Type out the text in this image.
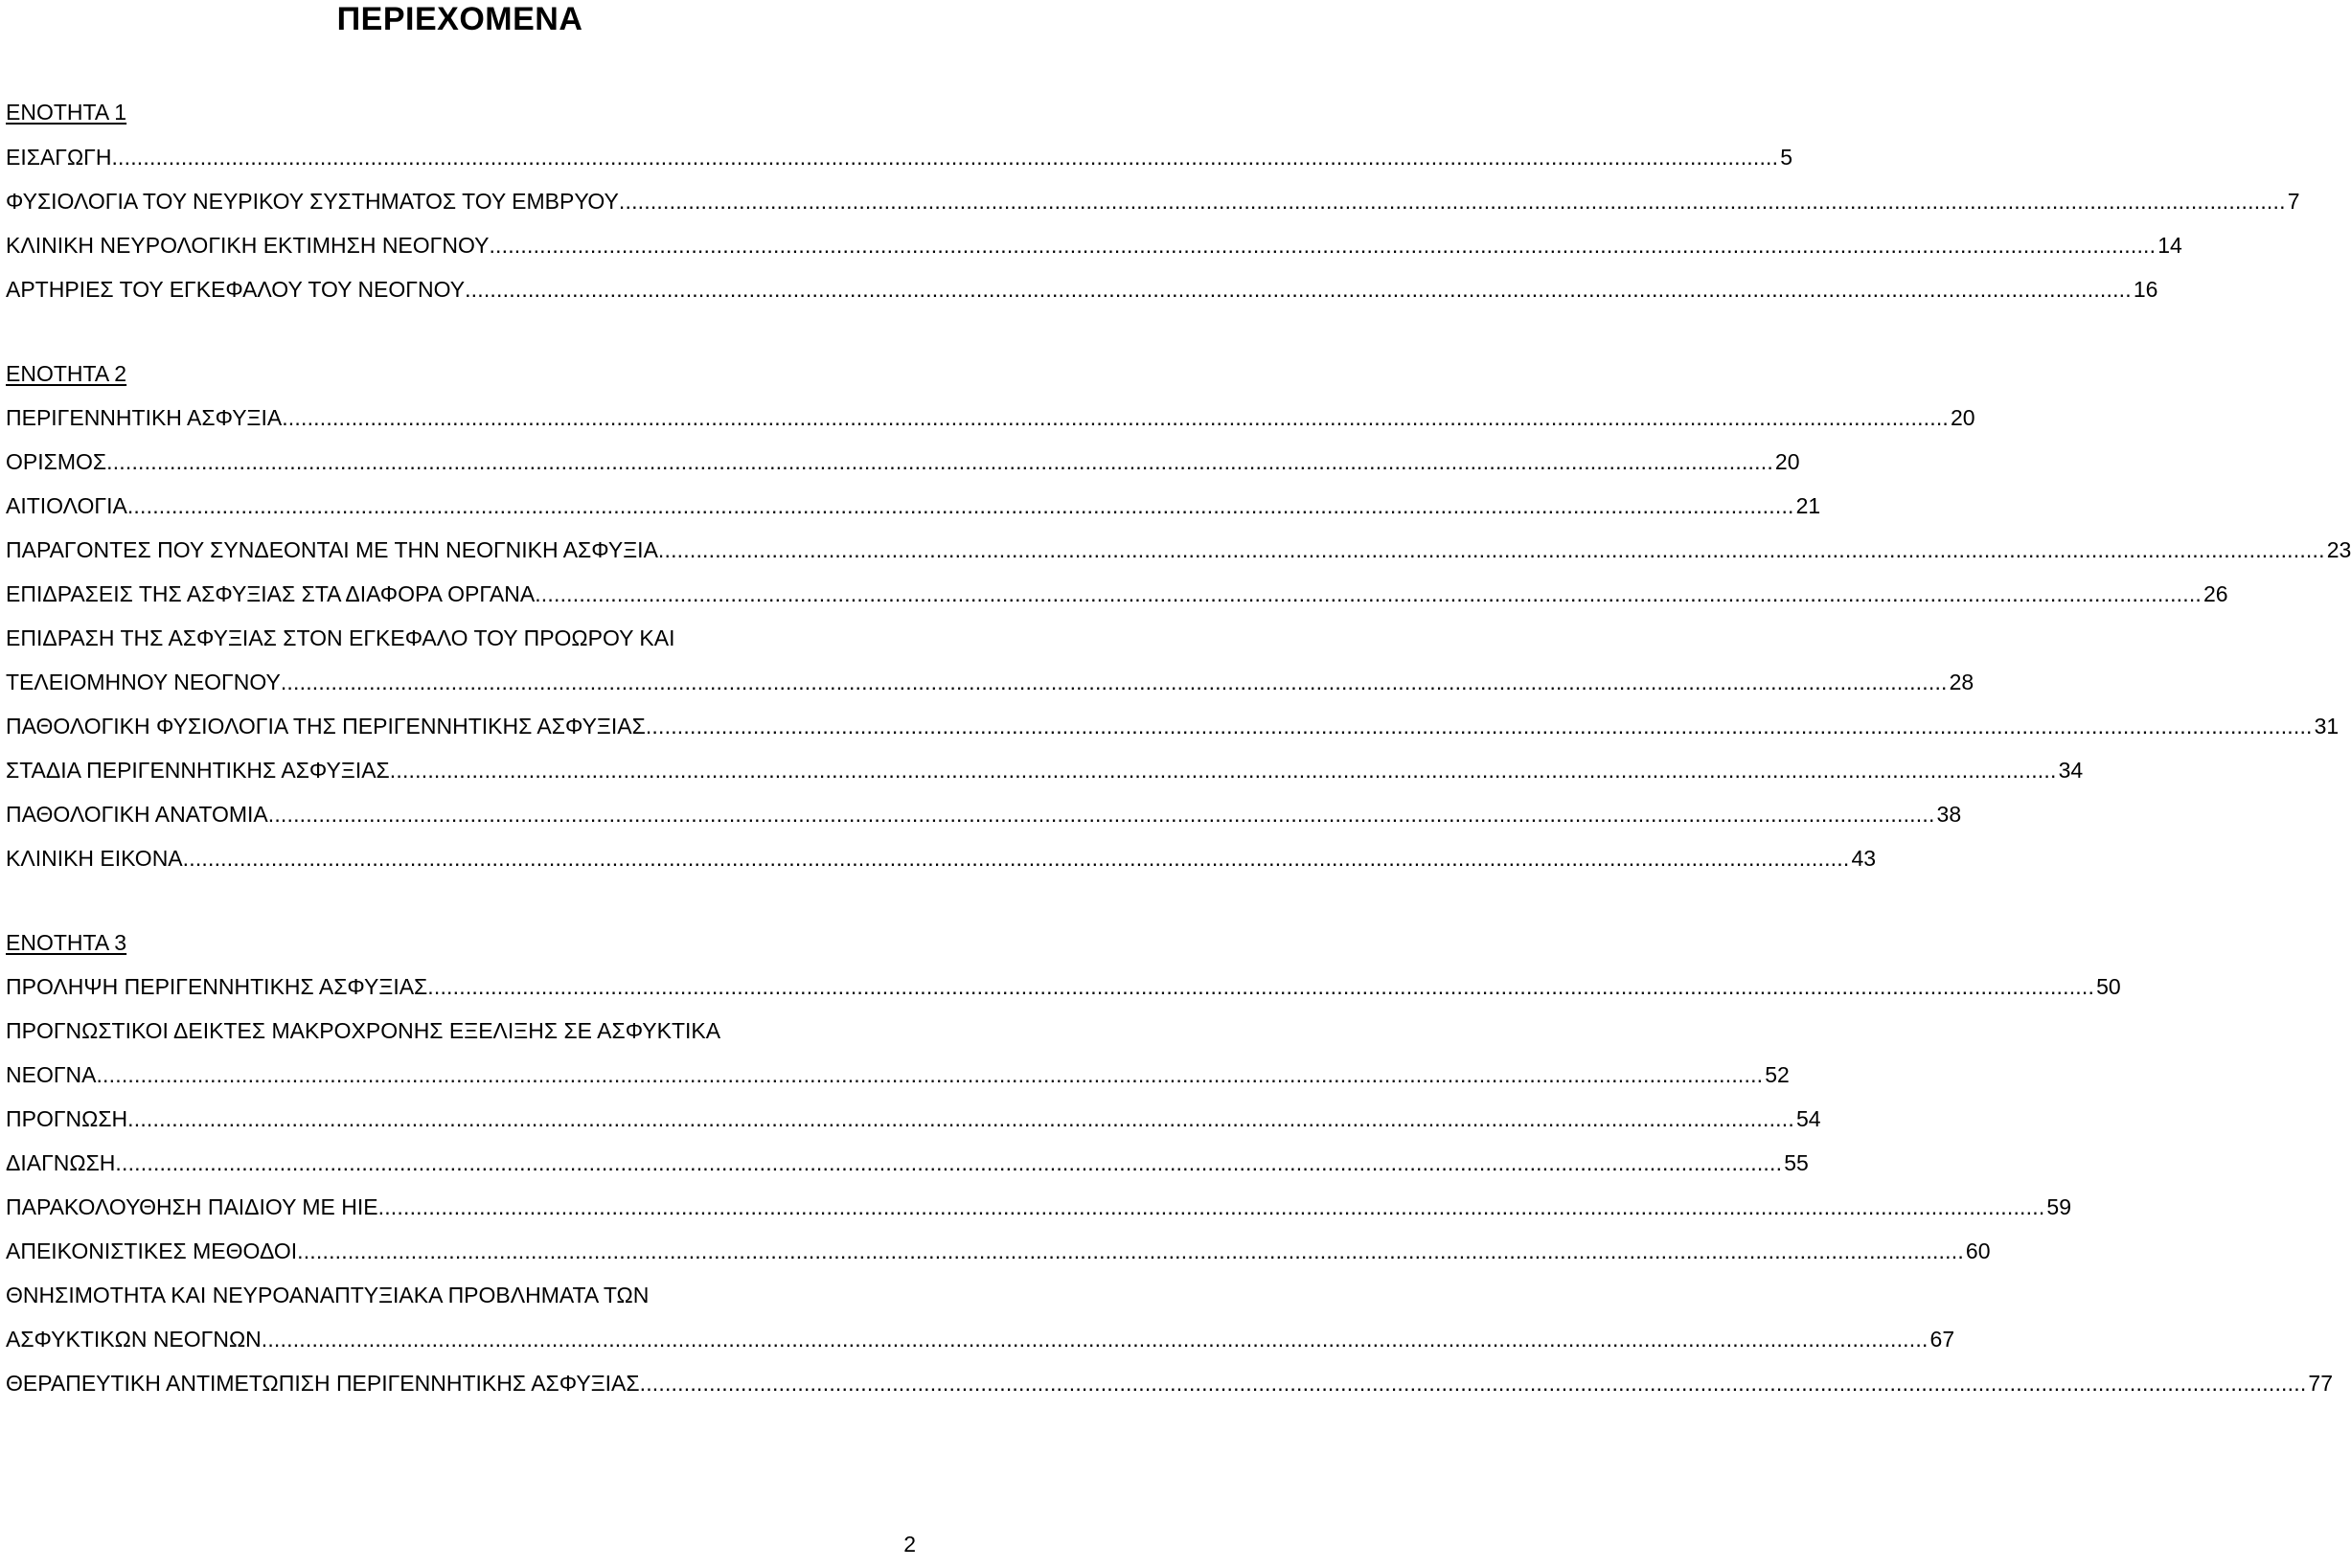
ΠΕΡΙΕΧΟΜΕΝΑ
ΕΝΟΤΗΤΑ 1
ΕΙΣΑΓΩΓΗ .....	5
ΦΥΣΙΟΛΟΓΙΑ ΤΟΥ ΝΕΥΡΙΚΟΥ ΣΥΣΤΗΜΑΤΟΣ ΤΟΥ ΕΜΒΡΥΟΥ .....	7
ΚΛΙΝΙΚΗ ΝΕΥΡΟΛΟΓΙΚΗ ΕΚΤΙΜΗΣΗ ΝΕΟΓΝΟΥ .....	14
ΑΡΤΗΡΙΕΣ ΤΟΥ ΕΓΚΕΦΑΛΟΥ ΤΟΥ ΝΕΟΓΝΟΥ .....	16
ΕΝΟΤΗΤΑ 2
ΠΕΡΙΓΕΝΝΗΤΙΚΗ ΑΣΦΥΞΙΑ .....	20
ΟΡΙΣΜΟΣ .....	20
ΑΙΤΙΟΛΟΓΙΑ .....	21
ΠΑΡΑΓΟΝΤΕΣ ΠΟΥ ΣΥΝΔΕΟΝΤΑΙ ΜΕ ΤΗΝ ΝΕΟΓΝΙΚΗ ΑΣΦΥΞΙΑ .....	23
ΕΠΙΔΡΑΣΕΙΣ ΤΗΣ ΑΣΦΥΞΙΑΣ ΣΤΑ ΔΙΑΦΟΡΑ ΟΡΓΑΝΑ .....	26
ΕΠΙΔΡΑΣΗ ΤΗΣ ΑΣΦΥΞΙΑΣ ΣΤΟΝ ΕΓΚΕΦΑΛΟ ΤΟΥ ΠΡΟΩΡΟΥ ΚΑΙ
ΤΕΛΕΙΟΜΗΝΟΥ ΝΕΟΓΝΟΥ .....	28
ΠΑΘΟΛΟΓΙΚΗ ΦΥΣΙΟΛΟΓΙΑ ΤΗΣ ΠΕΡΙΓΕΝΝΗΤΙΚΗΣ ΑΣΦΥΞΙΑΣ .....	31
ΣΤΑΔΙΑ ΠΕΡΙΓΕΝΝΗΤΙΚΗΣ ΑΣΦΥΞΙΑΣ .....	34
ΠΑΘΟΛΟΓΙΚΗ ΑΝΑΤΟΜΙΑ .....	38
ΚΛΙΝΙΚΗ ΕΙΚΟΝΑ .....	43
ΕΝΟΤΗΤΑ 3
ΠΡΟΛΗΨΗ ΠΕΡΙΓΕΝΝΗΤΙΚΗΣ ΑΣΦΥΞΙΑΣ .....	50
ΠΡΟΓΝΩΣΤΙΚΟΙ ΔΕΙΚΤΕΣ ΜΑΚΡΟΧΡΟΝΗΣ ΕΞΕΛΙΞΗΣ ΣΕ ΑΣΦΥΚΤΙΚΑ
ΝΕΟΓΝΑ .....	52
ΠΡΟΓΝΩΣΗ .....	54
ΔΙΑΓΝΩΣΗ .....	55
ΠΑΡΑΚΟΛΟΥΘΗΣΗ ΠΑΙΔΙΟΥ ΜΕ ΗΙΕ .....	59
ΑΠΕΙΚΟΝΙΣΤΙΚΕΣ ΜΕΘΟΔΟΙ .....	60
ΘΝΗΣΙΜΟΤΗΤΑ ΚΑΙ ΝΕΥΡΟΑΝΑΠΤΥΞΙΑΚΑ ΠΡΟΒΛΗΜΑΤΑ ΤΩΝ
ΑΣΦΥΚΤΙΚΩΝ ΝΕΟΓΝΩΝ .....	67
ΘΕΡΑΠΕΥΤΙΚΗ ΑΝΤΙΜΕΤΩΠΙΣΗ ΠΕΡΙΓΕΝΝΗΤΙΚΗΣ ΑΣΦΥΞΙΑΣ .....	77
2
